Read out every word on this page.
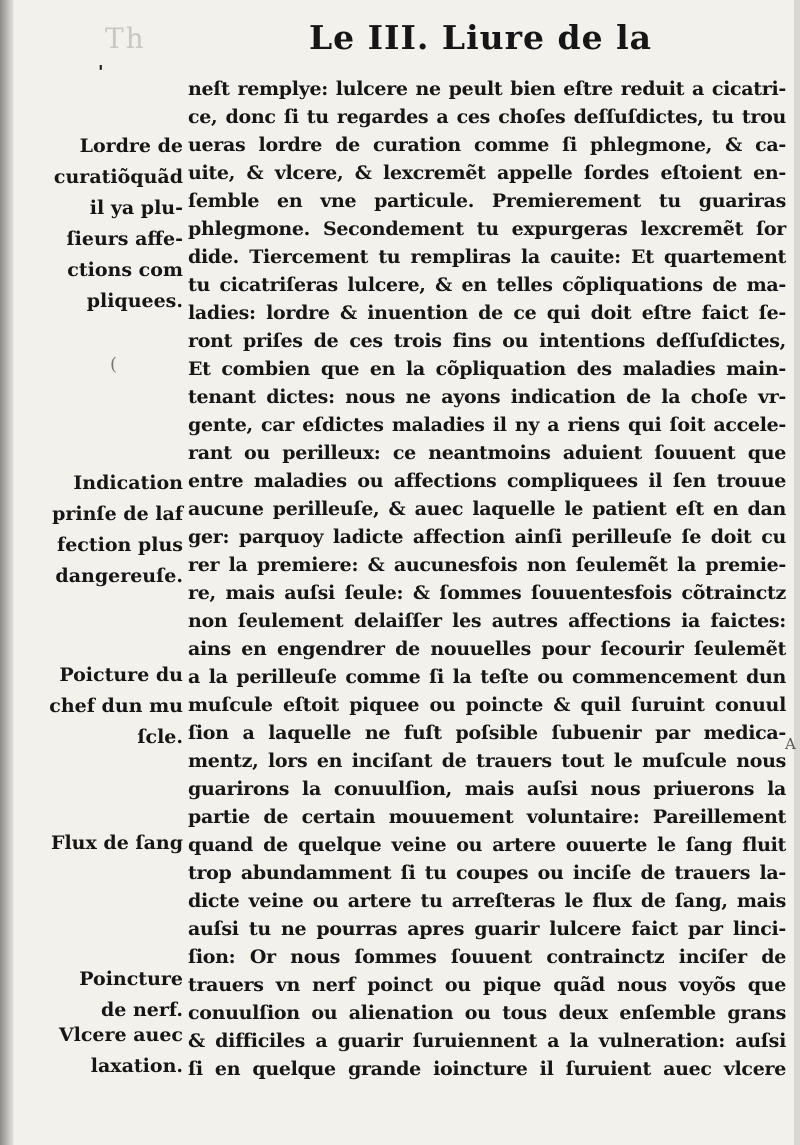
Th	Le III. Liure de la
'
(
A
Lordre de
curatiõquãd
il ya plu-
ſieurs affe-
ctions com
pliquees.
Indication
prinſe de laf
fection plus
dangereuſe.
Poicture du
chef dun mu
ſcle.
Flux de ſang
Poincture
de nerf.
Vlcere auec
laxation.
neſt remplye: lulcere ne peult bien eſtre reduit a cicatri-
ce, donc ſi tu regardes a ces choſes deſſuſdictes, tu trou
ueras lordre de curation comme ſi phlegmone, & ca-
uite, & vlcere, & lexcremẽt appelle ſordes eſtoient en-
ſemble en vne particule. Premierement tu guariras
phlegmone. Secondement tu expurgeras lexcremẽt ſor
dide. Tiercement tu rempliras la cauite: Et quartement
tu cicatriſeras lulcere, & en telles cõpliquations de ma-
ladies: lordre & inuention de ce qui doit eſtre faict ſe-
ront priſes de ces trois fins ou intentions deſſuſdictes,
Et combien que en la cõpliquation des maladies main-
tenant dictes: nous ne ayons indication de la choſe vr-
gente, car eſdictes maladies il ny a riens qui ſoit accele-
rant ou perilleux: ce neantmoins aduient ſouuent que
entre maladies ou affections compliquees il ſen trouue
aucune perilleuſe, & auec laquelle le patient eſt en dan
ger: parquoy ladicte affection ainſi perilleuſe ſe doit cu
rer la premiere: & aucunesfois non ſeulemẽt la premie-
re, mais auſsi ſeule: & ſommes ſouuentesfois cõtrainctz
non ſeulement delaiſſer les autres affections ia faictes:
ains en engendrer de nouuelles pour ſecourir ſeulemẽt
a la perilleuſe comme ſi la teſte ou commencement dun
muſcule eſtoit piquee ou poincte & quil ſuruint conuul
ſion a laquelle ne fuſt poſsible ſubuenir par medica-
mentz, lors en inciſant de trauers tout le muſcule nous
guarirons la conuulſion, mais auſsi nous priuerons la
partie de certain mouuement voluntaire: Pareillement
quand de quelque veine ou artere ouuerte le ſang fluit
trop abundamment ſi tu coupes ou inciſe de trauers la-
dicte veine ou artere tu arreſteras le flux de ſang, mais
auſsi tu ne pourras apres guarir lulcere faict par linci-
ſion: Or nous ſommes ſouuent contrainctz inciſer de
trauers vn nerf poinct ou pique quãd nous voyõs que
conuulſion ou alienation ou tous deux enſemble grans
& difficiles a guarir ſuruiennent a la vulneration: auſsi
ſi en quelque grande ioincture il ſuruient auec vlcere
